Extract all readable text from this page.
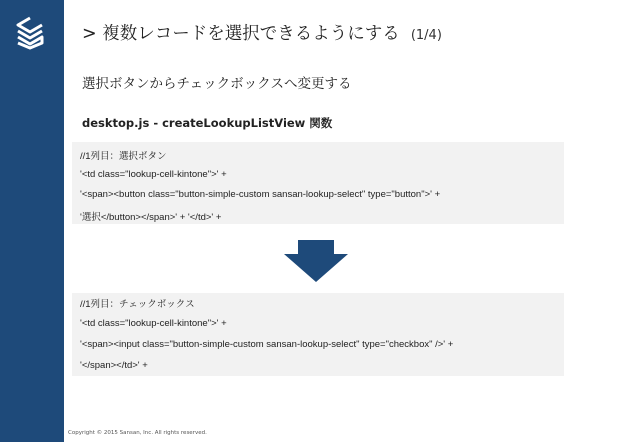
> 複数レコードを選択できるようにする (1/4)
選択ボタンからチェックボックスへ変更する
desktop.js - createLookupListView 関数
//1列目：選択ボタン
'<td class="lookup-cell-kintone">' +
'<span><button class="button-simple-custom sansan-lookup-select" type="button">' +
'選択</button></span>' + '</td>' +
//1列目：チェックボックス
'<td class="lookup-cell-kintone">' +
'<span><input class="button-simple-custom sansan-lookup-select" type="checkbox" />' +
'</span></td>' +
Copyright © 2015 Sansan, Inc. All rights reserved.
